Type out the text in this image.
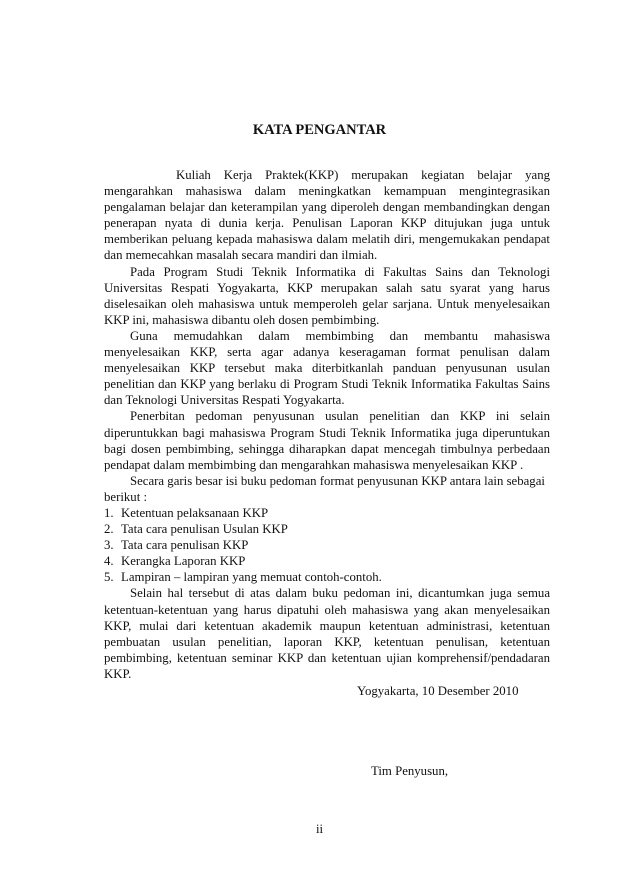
KATA PENGANTAR

Kuliah Kerja Praktek(KKP) merupakan kegiatan belajar yang mengarahkan mahasiswa dalam meningkatkan kemampuan mengintegrasikan pengalaman belajar dan keterampilan yang diperoleh dengan membandingkan dengan penerapan nyata di dunia kerja. Penulisan Laporan KKP ditujukan juga untuk memberikan peluang kepada mahasiswa dalam melatih diri, mengemukakan pendapat dan memecahkan masalah secara mandiri dan ilmiah.

Pada Program Studi Teknik Informatika di Fakultas Sains dan Teknologi Universitas Respati Yogyakarta, KKP merupakan salah satu syarat yang harus diselesaikan oleh mahasiswa untuk memperoleh gelar sarjana. Untuk menyelesaikan KKP ini, mahasiswa dibantu oleh dosen pembimbing.

Guna memudahkan dalam membimbing dan membantu mahasiswa menyelesaikan KKP, serta agar adanya keseragaman format penulisan dalam menyelesaikan KKP tersebut maka diterbitkanlah panduan penyusunan usulan penelitian dan KKP yang berlaku di Program Studi Teknik Informatika Fakultas Sains dan Teknologi Universitas Respati Yogyakarta.

Penerbitan pedoman penyusunan usulan penelitian dan KKP ini selain diperuntukkan bagi mahasiswa Program Studi Teknik Informatika juga diperuntukan bagi dosen pembimbing, sehingga diharapkan dapat mencegah timbulnya perbedaan pendapat dalam membimbing dan mengarahkan mahasiswa menyelesaikan KKP .

Secara garis besar isi buku pedoman format penyusunan KKP antara lain sebagai

berikut :

1. Ketentuan pelaksanaan KKP
2. Tata cara penulisan Usulan KKP
3. Tata cara penulisan KKP
4. Kerangka Laporan KKP
5. Lampiran – lampiran yang memuat contoh-contoh.

Selain hal tersebut di atas dalam buku pedoman ini, dicantumkan juga semua ketentuan-ketentuan yang harus dipatuhi oleh mahasiswa yang akan menyelesaikan KKP, mulai dari ketentuan akademik maupun ketentuan administrasi, ketentuan pembuatan usulan penelitian, laporan KKP, ketentuan penulisan, ketentuan pembimbing, ketentuan seminar KKP dan ketentuan ujian komprehensif/pendadaran KKP.

Yogyakarta, 10 Desember 2010

Tim Penyusun,

ii
